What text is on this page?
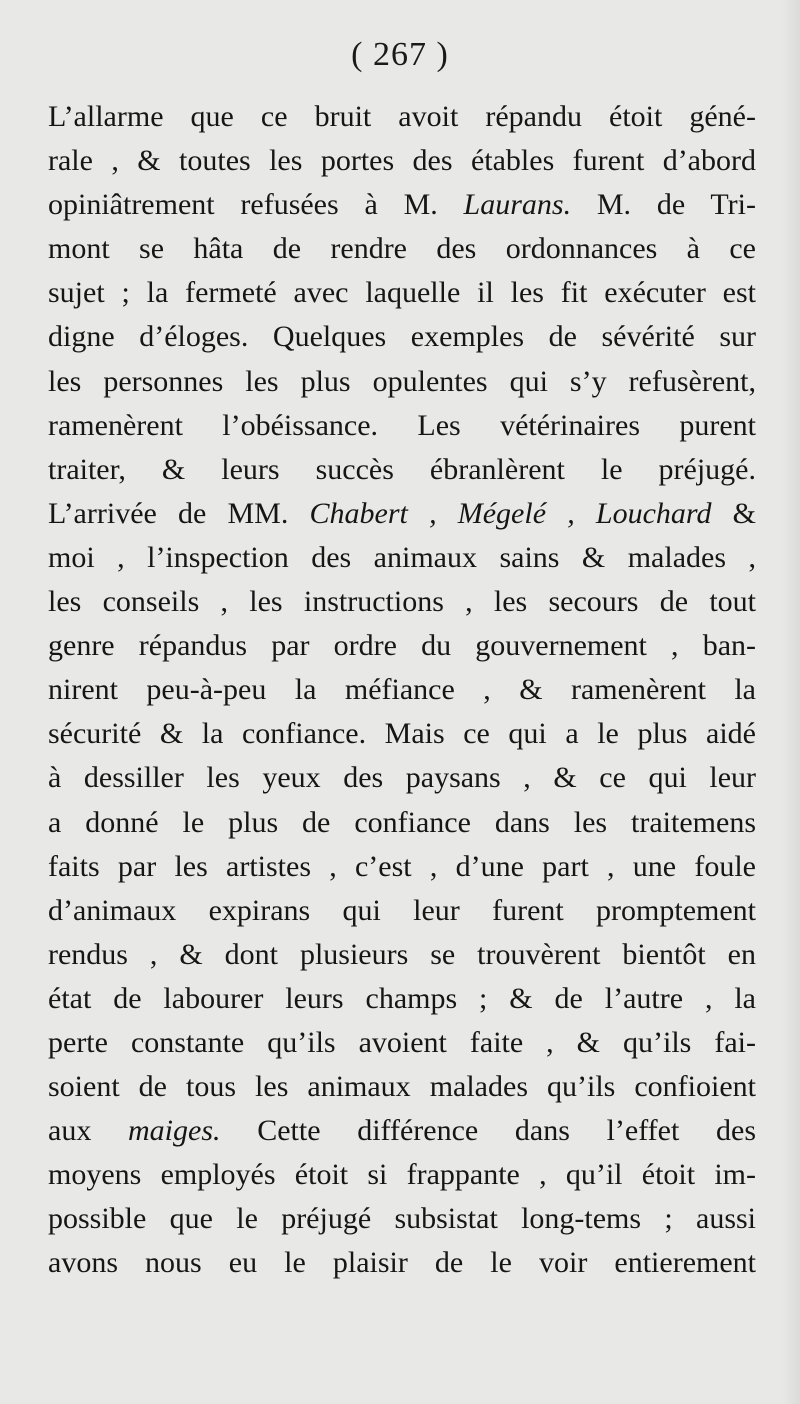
( 267 )
L’allarme que ce bruit avoit répandu étoit géné-
rale , & toutes les portes des étables furent d’abord
opiniâtrement refusées à M. Laurans. M. de Tri-
mont se hâta de rendre des ordonnances à ce
sujet ; la fermeté avec laquelle il les fit exécuter est
digne d’éloges. Quelques exemples de sévérité sur
les personnes les plus opulentes qui s’y refusèrent,
ramenèrent l’obéissance. Les vétérinaires purent
traiter, & leurs succès ébranlèrent le préjugé.
L’arrivée de MM. Chabert , Mégelé , Louchard &
moi , l’inspection des animaux sains & malades ,
les conseils , les instructions , les secours de tout
genre répandus par ordre du gouvernement , ban-
nirent peu-à-peu la méfiance , & ramenèrent la
sécurité & la confiance. Mais ce qui a le plus aidé
à dessiller les yeux des paysans , & ce qui leur
a donné le plus de confiance dans les traitemens
faits par les artistes , c’est , d’une part , une foule
d’animaux expirans qui leur furent promptement
rendus , & dont plusieurs se trouvèrent bientôt en
état de labourer leurs champs ; & de l’autre , la
perte constante qu’ils avoient faite , & qu’ils fai-
soient de tous les animaux malades qu’ils confioient
aux maiges. Cette différence dans l’effet des
moyens employés étoit si frappante , qu’il étoit im-
possible que le préjugé subsistat long-tems ; aussi
avons nous eu le plaisir de le voir entierement
